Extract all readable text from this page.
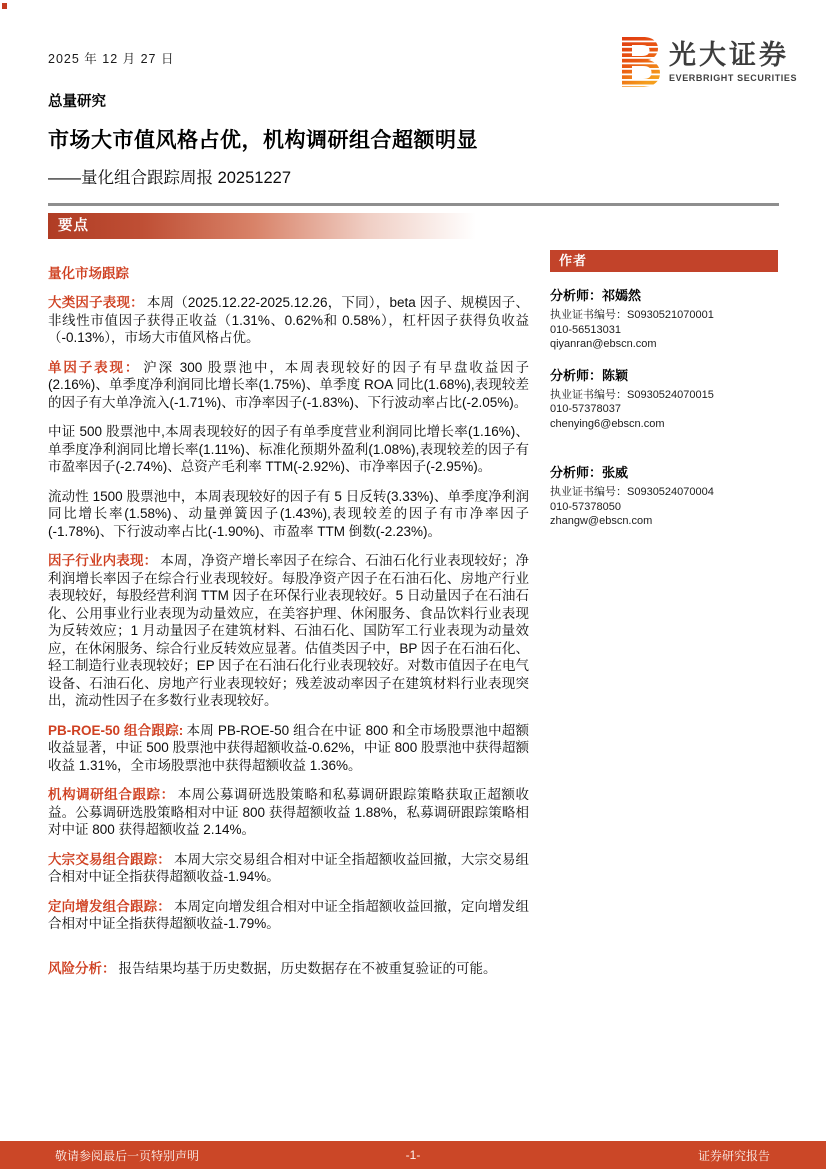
2025 年 12 月 27 日	光大证券
EVERBRIGHT SECURITIES
总量研究
市场大市值风格占优，机构调研组合超额明显
——量化组合跟踪周报 20251227
要点
量化市场跟踪

大类因子表现： 本周（2025.12.22-2025.12.26，下同），beta 因子、规模因子、非线性市值因子获得正收益（1.31%、0.62%和 0.58%），杠杆因子获得负收益（-0.13%），市场大市值风格占优。

单因子表现： 沪深 300 股票池中，本周表现较好的因子有早盘收益因子(2.16%)、单季度净利润同比增长率(1.75%)、单季度 ROA 同比(1.68%),表现较差的因子有大单净流入(-1.71%)、市净率因子(-1.83%)、下行波动率占比(-2.05%)。

中证 500 股票池中,本周表现较好的因子有单季度营业利润同比增长率(1.16%)、单季度净利润同比增长率(1.11%)、标准化预期外盈利(1.08%),表现较差的因子有市盈率因子(-2.74%)、总资产毛利率 TTM(-2.92%)、市净率因子(-2.95%)。

流动性 1500 股票池中，本周表现较好的因子有 5 日反转(3.33%)、单季度净利润同比增长率(1.58%)、动量弹簧因子(1.43%),表现较差的因子有市净率因子(-1.78%)、下行波动率占比(-1.90%)、市盈率 TTM 倒数(-2.23%)。

因子行业内表现： 本周，净资产增长率因子在综合、石油石化行业表现较好；净利润增长率因子在综合行业表现较好。每股净资产因子在石油石化、房地产行业表现较好，每股经营利润 TTM 因子在环保行业表现较好。5 日动量因子在石油石化、公用事业行业表现为动量效应，在美容护理、休闲服务、食品饮料行业表现为反转效应；1 月动量因子在建筑材料、石油石化、国防军工行业表现为动量效应，在休闲服务、综合行业反转效应显著。估值类因子中，BP 因子在石油石化、轻工制造行业表现较好；EP 因子在石油石化行业表现较好。对数市值因子在电气设备、石油石化、房地产行业表现较好；残差波动率因子在建筑材料行业表现突出，流动性因子在多数行业表现较好。

PB-ROE-50 组合跟踪: 本周 PB-ROE-50 组合在中证 800 和全市场股票池中超额收益显著，中证 500 股票池中获得超额收益-0.62%，中证 800 股票池中获得超额收益 1.31%，全市场股票池中获得超额收益 1.36%。

机构调研组合跟踪： 本周公募调研选股策略和私募调研跟踪策略获取正超额收益。公募调研选股策略相对中证 800 获得超额收益 1.88%，私募调研跟踪策略相对中证 800 获得超额收益 2.14%。

大宗交易组合跟踪： 本周大宗交易组合相对中证全指超额收益回撤，大宗交易组合相对中证全指获得超额收益-1.94%。

定向增发组合跟踪： 本周定向增发组合相对中证全指超额收益回撤，定向增发组合相对中证全指获得超额收益-1.79%。

风险分析： 报告结果均基于历史数据，历史数据存在不被重复验证的可能。

作者
分析师：祁嫣然
执业证书编号：S0930521070001
010-56513031
qiyanran@ebscn.com
分析师：陈颖
执业证书编号：S0930524070015
010-57378037
chenying6@ebscn.com
分析师：张威
执业证书编号：S0930524070004
010-57378050
zhangw@ebscn.com
敬请参阅最后一页特别声明	-1-	证券研究报告
